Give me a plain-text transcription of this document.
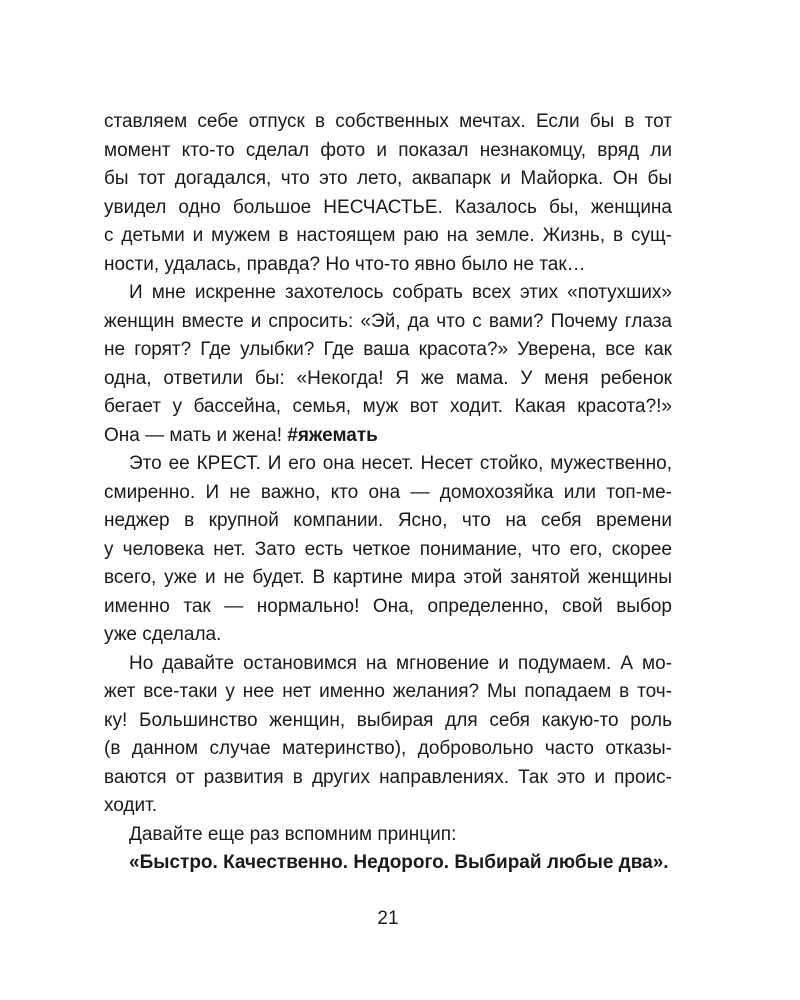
ставляем себе отпуск в собственных мечтах. Если бы в тот
момент кто-то сделал фото и показал незнакомцу, вряд ли
бы тот догадался, что это лето, аквапарк и Майорка. Он бы
увидел одно большое НЕСЧАСТЬЕ. Казалось бы, женщина
с детьми и мужем в настоящем раю на земле. Жизнь, в сущ-
ности, удалась, правда? Но что-то явно было не так…
И мне искренне захотелось собрать всех этих «потухших»
женщин вместе и спросить: «Эй, да что с вами? Почему глаза
не горят? Где улыбки? Где ваша красота?» Уверена, все как
одна, ответили бы: «Некогда! Я же мама. У меня ребенок
бегает у бассейна, семья, муж вот ходит. Какая красота?!»
Она — мать и жена! #яжемать
Это ее КРЕСТ. И его она несет. Несет стойко, мужественно,
смиренно. И не важно, кто она — домохозяйка или топ-ме-
неджер в крупной компании. Ясно, что на себя времени
у человека нет. Зато есть четкое понимание, что его, скорее
всего, уже и не будет. В картине мира этой занятой женщины
именно так — нормально! Она, определенно, свой выбор
уже сделала.
Но давайте остановимся на мгновение и подумаем. А мо-
жет все-таки у нее нет именно желания? Мы попадаем в точ-
ку! Большинство женщин, выбирая для себя какую-то роль
(в данном случае материнство), добровольно часто отказы-
ваются от развития в других направлениях. Так это и проис-
ходит.
Давайте еще раз вспомним принцип:
«Быстро. Качественно. Недорого. Выбирай любые два».
21
